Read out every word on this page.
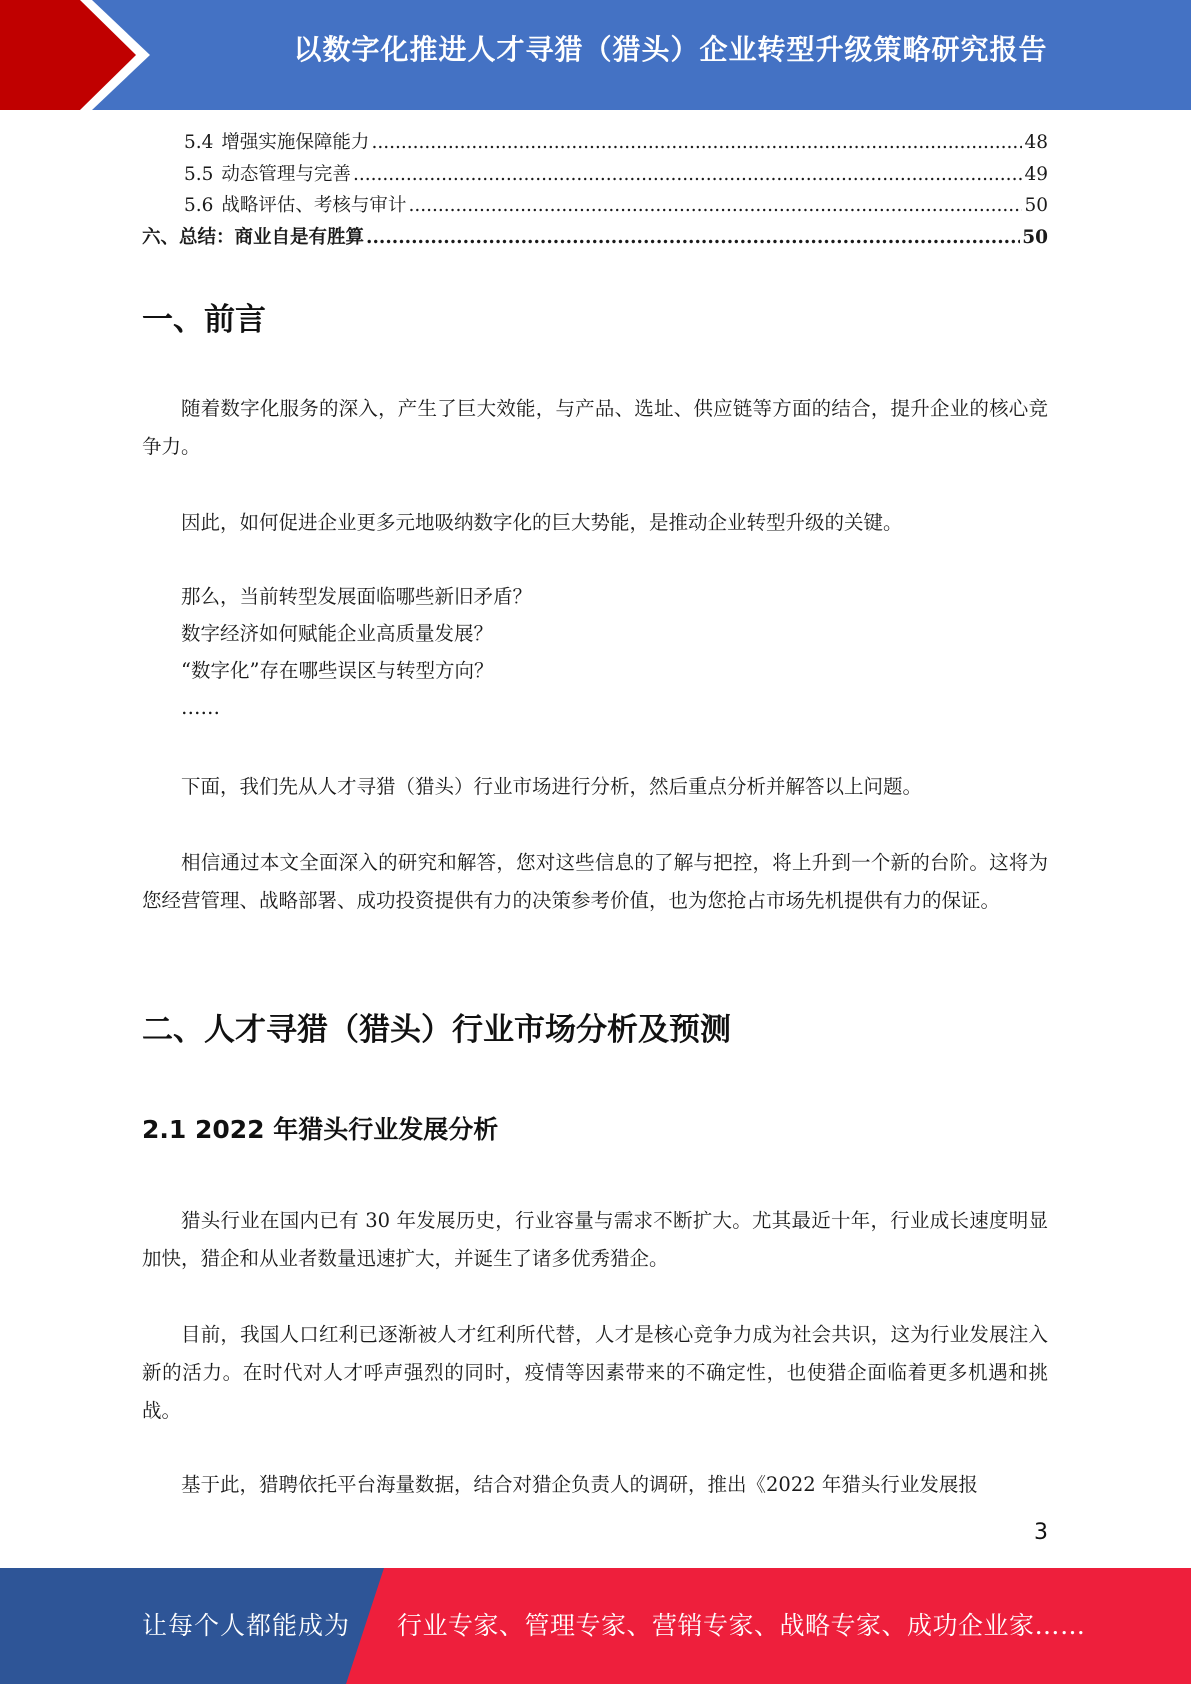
以数字化推进人才寻猎（猎头）企业转型升级策略研究报告
5.4 增强实施保障能力 .....	48
5.5 动态管理与完善 .....	49
5.6 战略评估、考核与审计 .....	50
六、总结：商业自是有胜算 .....	50
一、前言

随着数字化服务的深入，产生了巨大效能，与产品、选址、供应链等方面的结合，提升企业的核心竞争力。

因此，如何促进企业更多元地吸纳数字化的巨大势能，是推动企业转型升级的关键。

那么，当前转型发展面临哪些新旧矛盾？

数字经济如何赋能企业高质量发展？

“数字化”存在哪些误区与转型方向？

……

下面，我们先从人才寻猎（猎头）行业市场进行分析，然后重点分析并解答以上问题。

相信通过本文全面深入的研究和解答，您对这些信息的了解与把控，将上升到一个新的台阶。这将为您经营管理、战略部署、成功投资提供有力的决策参考价值，也为您抢占市场先机提供有力的保证。

二、人才寻猎（猎头）行业市场分析及预测
2.1 2022 年猎头行业发展分析

猎头行业在国内已有 30 年发展历史，行业容量与需求不断扩大。尤其最近十年，行业成长速度明显加快，猎企和从业者数量迅速扩大，并诞生了诸多优秀猎企。

目前，我国人口红利已逐渐被人才红利所代替，人才是核心竞争力成为社会共识，这为行业发展注入新的活力。在时代对人才呼声强烈的同时，疫情等因素带来的不确定性，也使猎企面临着更多机遇和挑战。

基于此，猎聘依托平台海量数据，结合对猎企负责人的调研，推出《2022 年猎头行业发展报

3
让每个人都能成为 行业专家、管理专家、营销专家、战略专家、成功企业家……
